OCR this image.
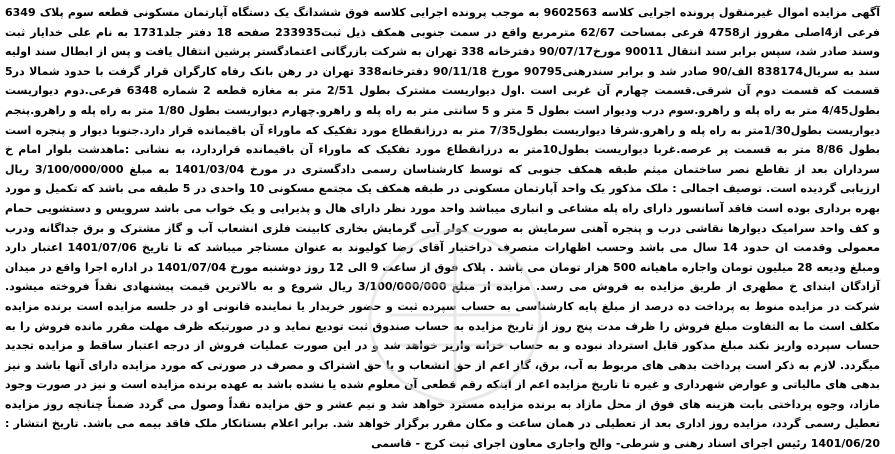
آگهی مزایده اموال غیرمنقول پرونده اجرایی کلاسه 9602563 به موجب پرونده اجرایی کلاسه فوق ششدانگ یک دستگاه آپارتمان مسکونی قطعه سوم پلاک 6349 فرعی از4اصلی مفروز از4758 فرعی بمساحت 62/67 مترمربع واقع در سمت جنوبی همکف ذیل ثبت233935 صفحه 18 دفتر جلد1731 به نام علی خدایار ثبت وسند صادر شد، سپس برابر سند انتقال 90011 مورخ90/07/17 دفترخانه 338 تهران به شرکت بازرگانی اعتمادگستر پرشین انتقال یافت و پس از ابطال سند اولیه سند به سریال838174 الف/90 صادر شد و برابر سندرهنی90795 مورخ 90/11/18 دفترخانه338 تهران در رهن بانک رفاه کارگران قرار گرفت با حدود شمالا در5 قسمت که قسمت دوم آن شرقی.قسمت چهارم آن غربی است .اول دیواریست مشترک بطول 2/51 متر به مغازه قطعه 2 شماره 6348 فرعی.دوم دیواریست بطول4/45 متر به راه پله و راهرو.سوم درب ودیوار است بطول 5 متر و 5 سانتی متر به راه پله و راهرو.چهارم دیواریست بطول 1/80 متر به راه پله و راهرو.پنجم دیواریست بطول1/30متر به راه پله و راهرو.شرقا دیواریست بطول7/35 متر به درزانقطاع مورد تفکیک که ماوراء آن باقیمانده قرار دارد.جنوبا دیوار و پنجره است بطول 8/86 متر به قسمت پر عرصه.غربا دیواریست بطول10متر به درزانقطاع مورد تفکیک که ماوراء آن باقیمانده قراردارد، به نشانی :ماهدشت بلوار امام خ سرداران بعد از تقاطع نصر ساختمان میثم طبقه همکف جنوبی که توسط کارشناسان رسمی دادگستری در مورخ 1401/03/04 به مبلغ 3/100/000/000 ریال ارزیابی گردیده است. توصیف اجمالی : ملک مذکور یک واحد آپارتمان مسکونی در طبقه همکف یک مجتمع مسکونی 10 واحدی در 5 طبقه می باشد که تکمیل و مورد بهره برداری بوده است فاقد آسانسور دارای راه پله مشاعی و انباری میباشد واحد مورد نظر دارای هال و پذیرایی و یک خواب می باشد سرویس و دستشویی حمام و کف واحد سرامیک دیوارها نقاشی درب و پنجره آهنی سرمایش به صورت کولر آبی گرمایش بخاری کابینت فلزی انشعاب آب و گاز مشترک و برق جداگانه ودرب معمولی وقدمت ان حدود 14 سال می باشد وحسب اظهارات متصرف دراختیار آقای رضا کولیوند به عنوان مستاجر میباشد که تا تاریخ 1401/07/06 اعتبار دارد ومبلغ ودیعه 28 میلیون تومان واجاره ماهیانه 500 هزار تومان می باشد . پلاک فوق از ساعت 9 الی 12 روز دوشنبه مورخ 1401/07/04 در اداره اجرا واقع در میدان آزادگان ابتدای خ مطهری از طریق مزایده به فروش می رسد. مزایده از مبلغ 3/100/000/000 ریال شروع و به بالاترین قیمت پیشنهادی نقداً فروخته میشود. شرکت در مزایده منوط به پرداخت ده درصد از مبلغ پایه کارشناسی به حساب سپرده ثبت و حضور خریدار یا نماینده قانونی او در جلسه مزایده است برنده مزایده مکلف است ما به التفاوت مبلغ فروش را ظرف مدت پنج روز از تاریخ مزایده به حساب صندوق ثبت تودیع نماید و در صورتیکه ظرف مهلت مقرر مانده فروش را به حساب سپرده واریز نکند مبلغ مذکور قابل استرداد نبوده و به حساب خزانه واریز خواهد شد و در این صورت عملیات فروش از درجه اعتبار ساقط و مزایده تجدید میگردد. لازم به ذکر است پرداخت بدهی های مربوط به آب، برق، گاز اعم از حق انشعاب و یا حق اشتراک و مصرف در صورتی که مورد مزایده دارای آنها باشد و نیز بدهی های مالیاتی و عوارض شهرداری و غیره تا تاریخ مزایده اعم از اینکه رقم قطعی آن معلوم شده یا نشده باشد به عهده برنده مزایده است و نیز در صورت وجود مازاد، وجوه پرداختی بابت هزینه های فوق از محل مازاد به برنده مزایده مسترد خواهد شد و نیم عشر و حق مزایده نقداً وصول می گردد ضمناً چنانچه روز مزایده تعطیل رسمی گردد، مزایده روز اداری بعد از تعطیلی در همان ساعت و مکان مقرر برگزار خواهد شد. برابر اعلام بستانکار ملک فاقد بیمه می باشد. تاریخ انتشار : 1401/06/20 رئیس اجرای اسناد رهنی و شرطی- والح واجاری معاون اجرای ثبت کرج - قاسمی
